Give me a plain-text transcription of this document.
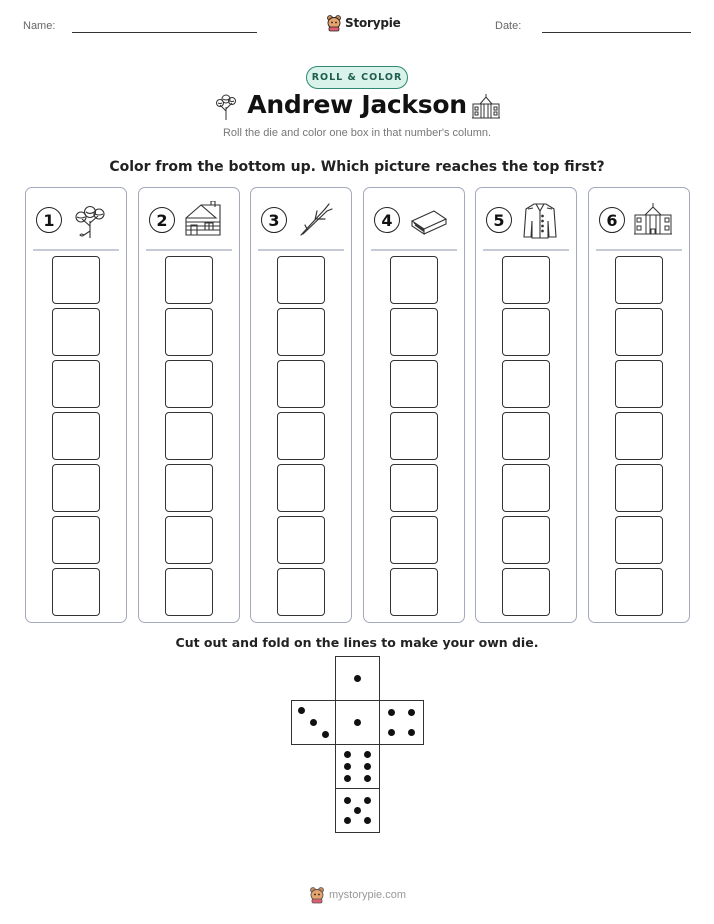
Name:	Storypie	Date:
ROLL & COLOR
Andrew Jackson
Roll the die and color one box in that number's column.
Color from the bottom up. Which picture reaches the top first?
1	2	3	4	5	6
Cut out and fold on the lines to make your own die.
mystorypie.com
